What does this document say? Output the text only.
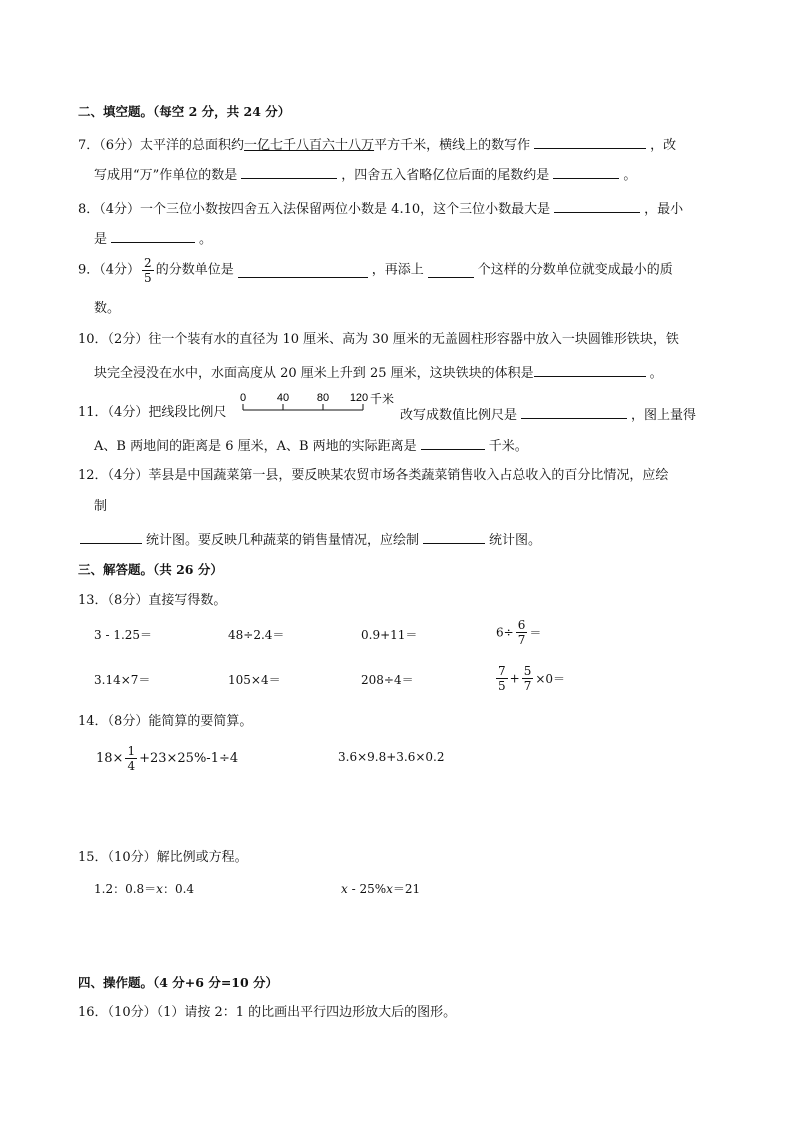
二、填空题。（每空 2 分，共 24 分）
7．（6分）太平洋的总面积约一亿七千八百六十八万平方千米，横线上的数写作	，改
写成用“万”作单位的数是	，四舍五入省略亿位后面的尾数约是	。
8．（4分）一个三位小数按四舍五入法保留两位小数是 4.10，这个三位小数最大是	，最小
是	。
9．（4分） $\frac{2}{5}$ 的分数单位是	，再添上	个这样的分数单位就变成最小的质
数。
10．（2分）往一个装有水的直径为 10 厘米、高为 30 厘米的无盖圆柱形容器中放入一块圆锥形铁块，铁
块完全浸没在水中，水面高度从 20 厘米上升到 25 厘米，这块铁块的体积是	。
11．（4分）把线段比例尺
0	40	80 120 千米
改写成数值比例尺是	，图上量得
A、B 两地间的距离是 6 厘米，A、B 两地的实际距离是	千米。
12．（4分）莘县是中国蔬菜第一县，要反映某农贸市场各类蔬菜销售收入占总收入的百分比情况，应绘
制
统计图。要反映几种蔬菜的销售量情况，应绘制	统计图。
三、解答题。（共 26 分）
13．（8分）直接写得数。
3 - 1.25＝	48÷2.4＝	0.9+11＝	$6\div \frac{6}{7}$ ＝
3.14×7＝	105×4＝	208÷4＝	$\frac{7}{5} + \frac{5}{7} \times 0=$
14．（8分）能简算的要简算。
$18\times \frac{1}{4} +23\times 25\%-1\div 4$	3.6×9.8+3.6×0.2
15．（10分）解比例或方程。
1.2：0.8＝x：0.4	x - 25%x＝21
四、操作题。（4 分+6 分=10 分）
16．（10分）（1）请按 2：1 的比画出平行四边形放大后的图形。
